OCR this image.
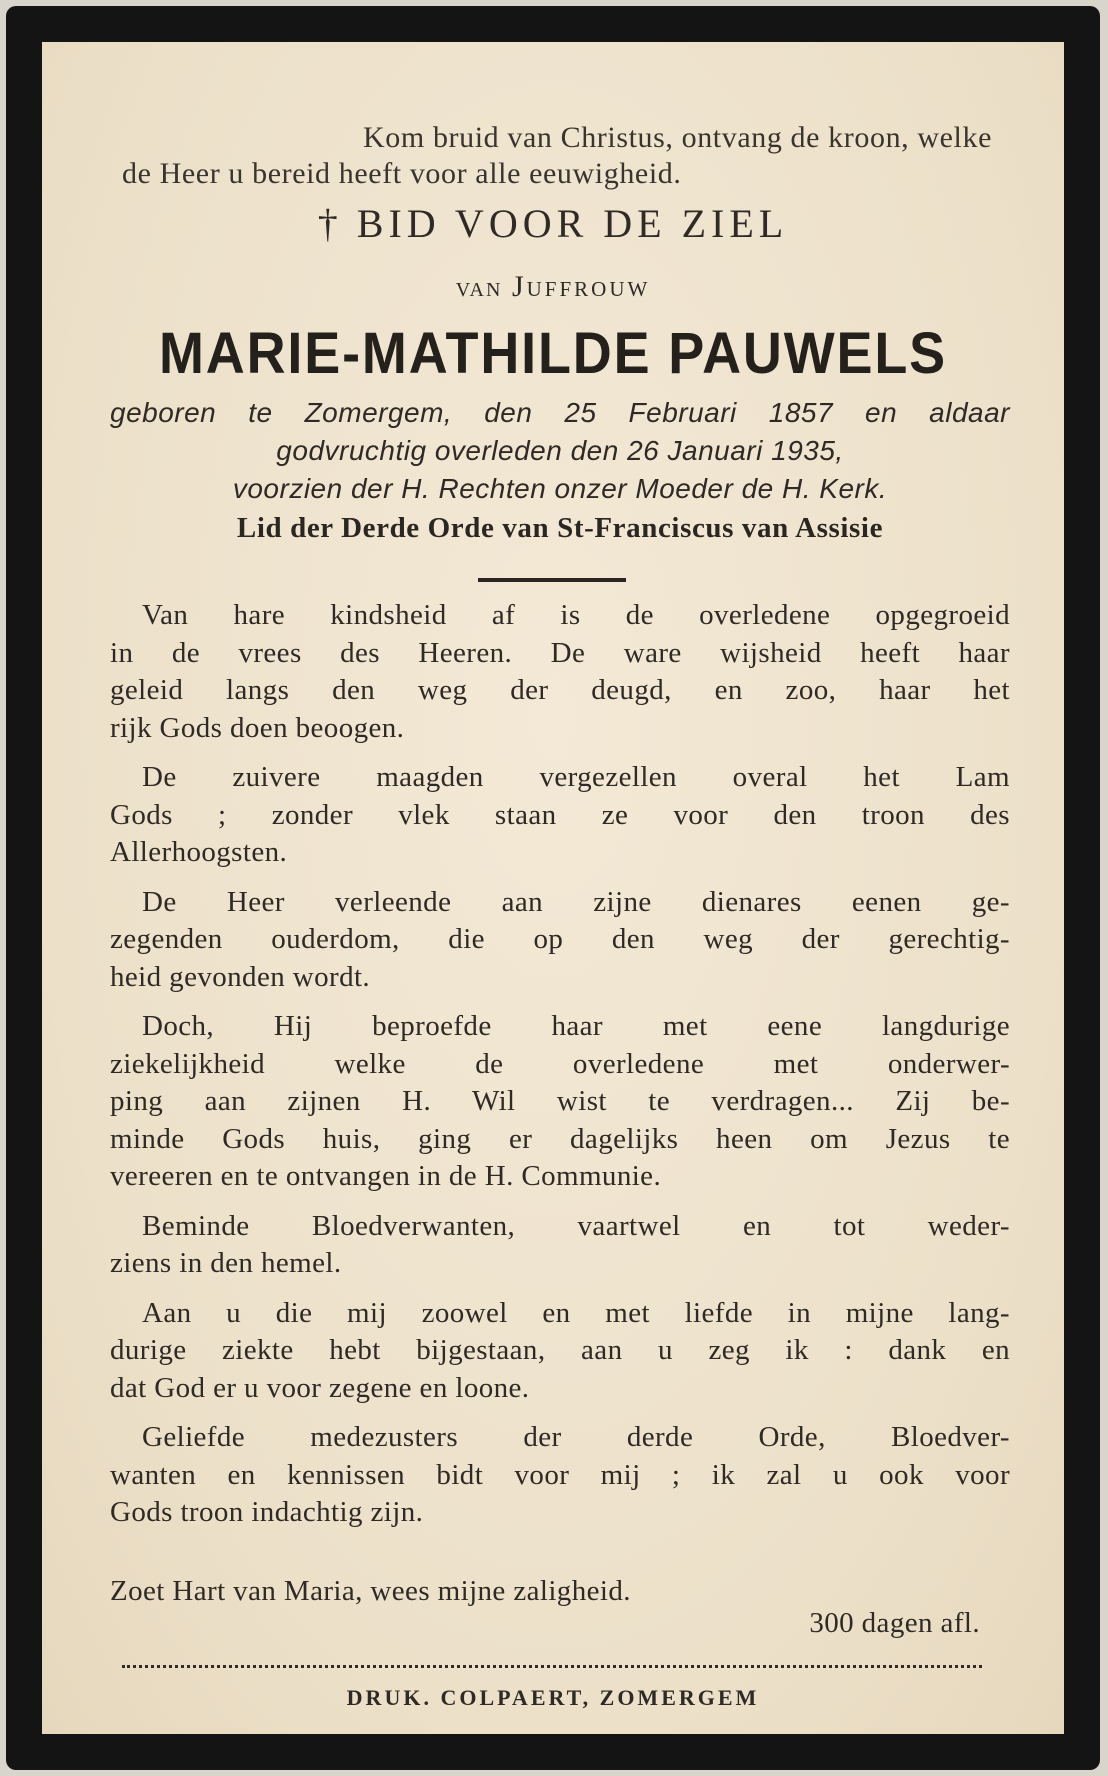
Kom bruid van Christus, ontvang de kroon, welke
de Heer u bereid heeft voor alle eeuwigheid.
† BID VOOR DE ZIEL
VAN Juffrouw
MARIE-MATHILDE PAUWELS
geboren te Zomergem, den 25 Februari 1857 en aldaar
godvruchtig overleden den 26 Januari 1935,
voorzien der H. Rechten onzer Moeder de H. Kerk.
Lid der Derde Orde van St-Franciscus van Assisie
Van hare kindsheid af is de overledene opgegroeid
in de vrees des Heeren. De ware wijsheid heeft haar
geleid langs den weg der deugd, en zoo, haar het
rijk Gods doen beoogen.
De zuivere maagden vergezellen overal het Lam
Gods ; zonder vlek staan ze voor den troon des
Allerhoogsten.
De Heer verleende aan zijne dienares eenen ge-
zegenden ouderdom, die op den weg der gerechtig-
heid gevonden wordt.
Doch, Hij beproefde haar met eene langdurige
ziekelijkheid welke de overledene met onderwer-
ping aan zijnen H. Wil wist te verdragen... Zij be-
minde Gods huis, ging er dagelijks heen om Jezus te
vereeren en te ontvangen in de H. Communie.
Beminde Bloedverwanten, vaartwel en tot weder-
ziens in den hemel.
Aan u die mij zoowel en met liefde in mijne lang-
durige ziekte hebt bijgestaan, aan u zeg ik : dank en
dat God er u voor zegene en loone.
Geliefde medezusters der derde Orde, Bloedver-
wanten en kennissen bidt voor mij ; ik zal u ook voor
Gods troon indachtig zijn.
Zoet Hart van Maria, wees mijne zaligheid.
300 dagen afl.
DRUK. COLPAERT, ZOMERGEM
